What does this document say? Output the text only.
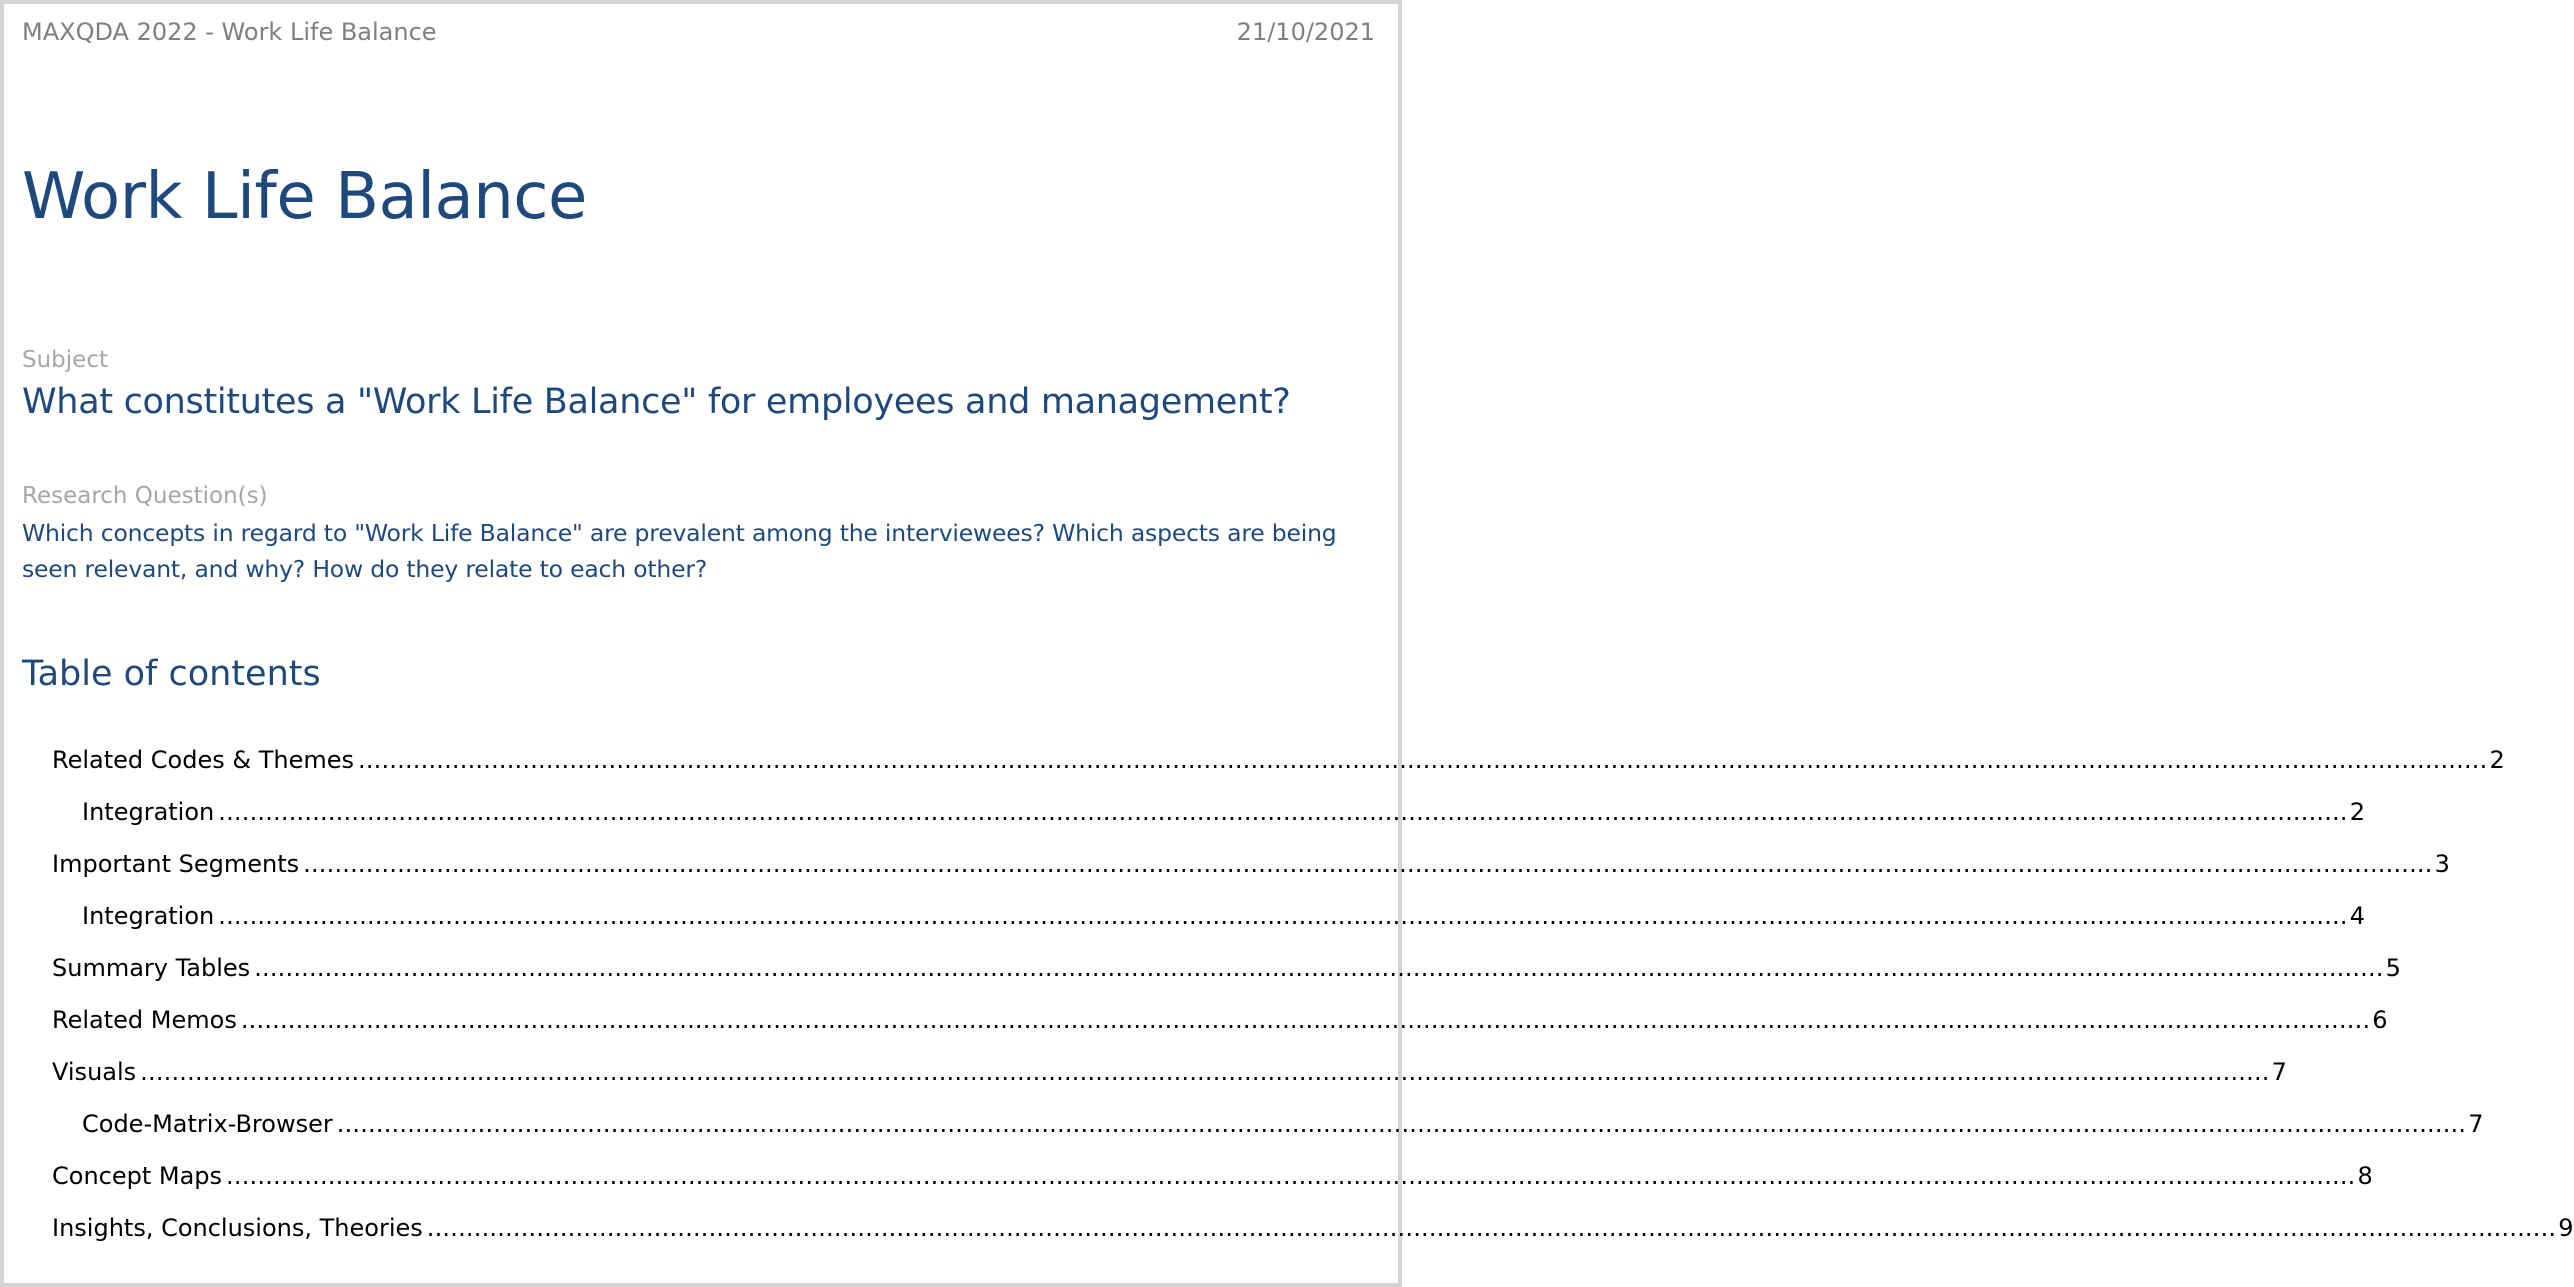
MAXQDA 2022 - Work Life Balance	21/10/2021
Work Life Balance
Subject
What constitutes a "Work Life Balance" for employees and management?
Research Question(s)
Which concepts in regard to "Work Life Balance" are prevalent among the interviewees? Which aspects are being seen relevant, and why? How do they relate to each other?
Table of contents
Related Codes & Themes ................................................................................................................................................................................................................................................................................ 2
Integration ................................................................................................................................................................................................................................................................................ 2
Important Segments ................................................................................................................................................................................................................................................................................ 3
Integration ................................................................................................................................................................................................................................................................................ 4
Summary Tables ................................................................................................................................................................................................................................................................................ 5
Related Memos ................................................................................................................................................................................................................................................................................ 6
Visuals ................................................................................................................................................................................................................................................................................ 7
Code-Matrix-Browser ................................................................................................................................................................................................................................................................................ 7
Concept Maps ................................................................................................................................................................................................................................................................................ 8
Insights, Conclusions, Theories ................................................................................................................................................................................................................................................................................ 9
